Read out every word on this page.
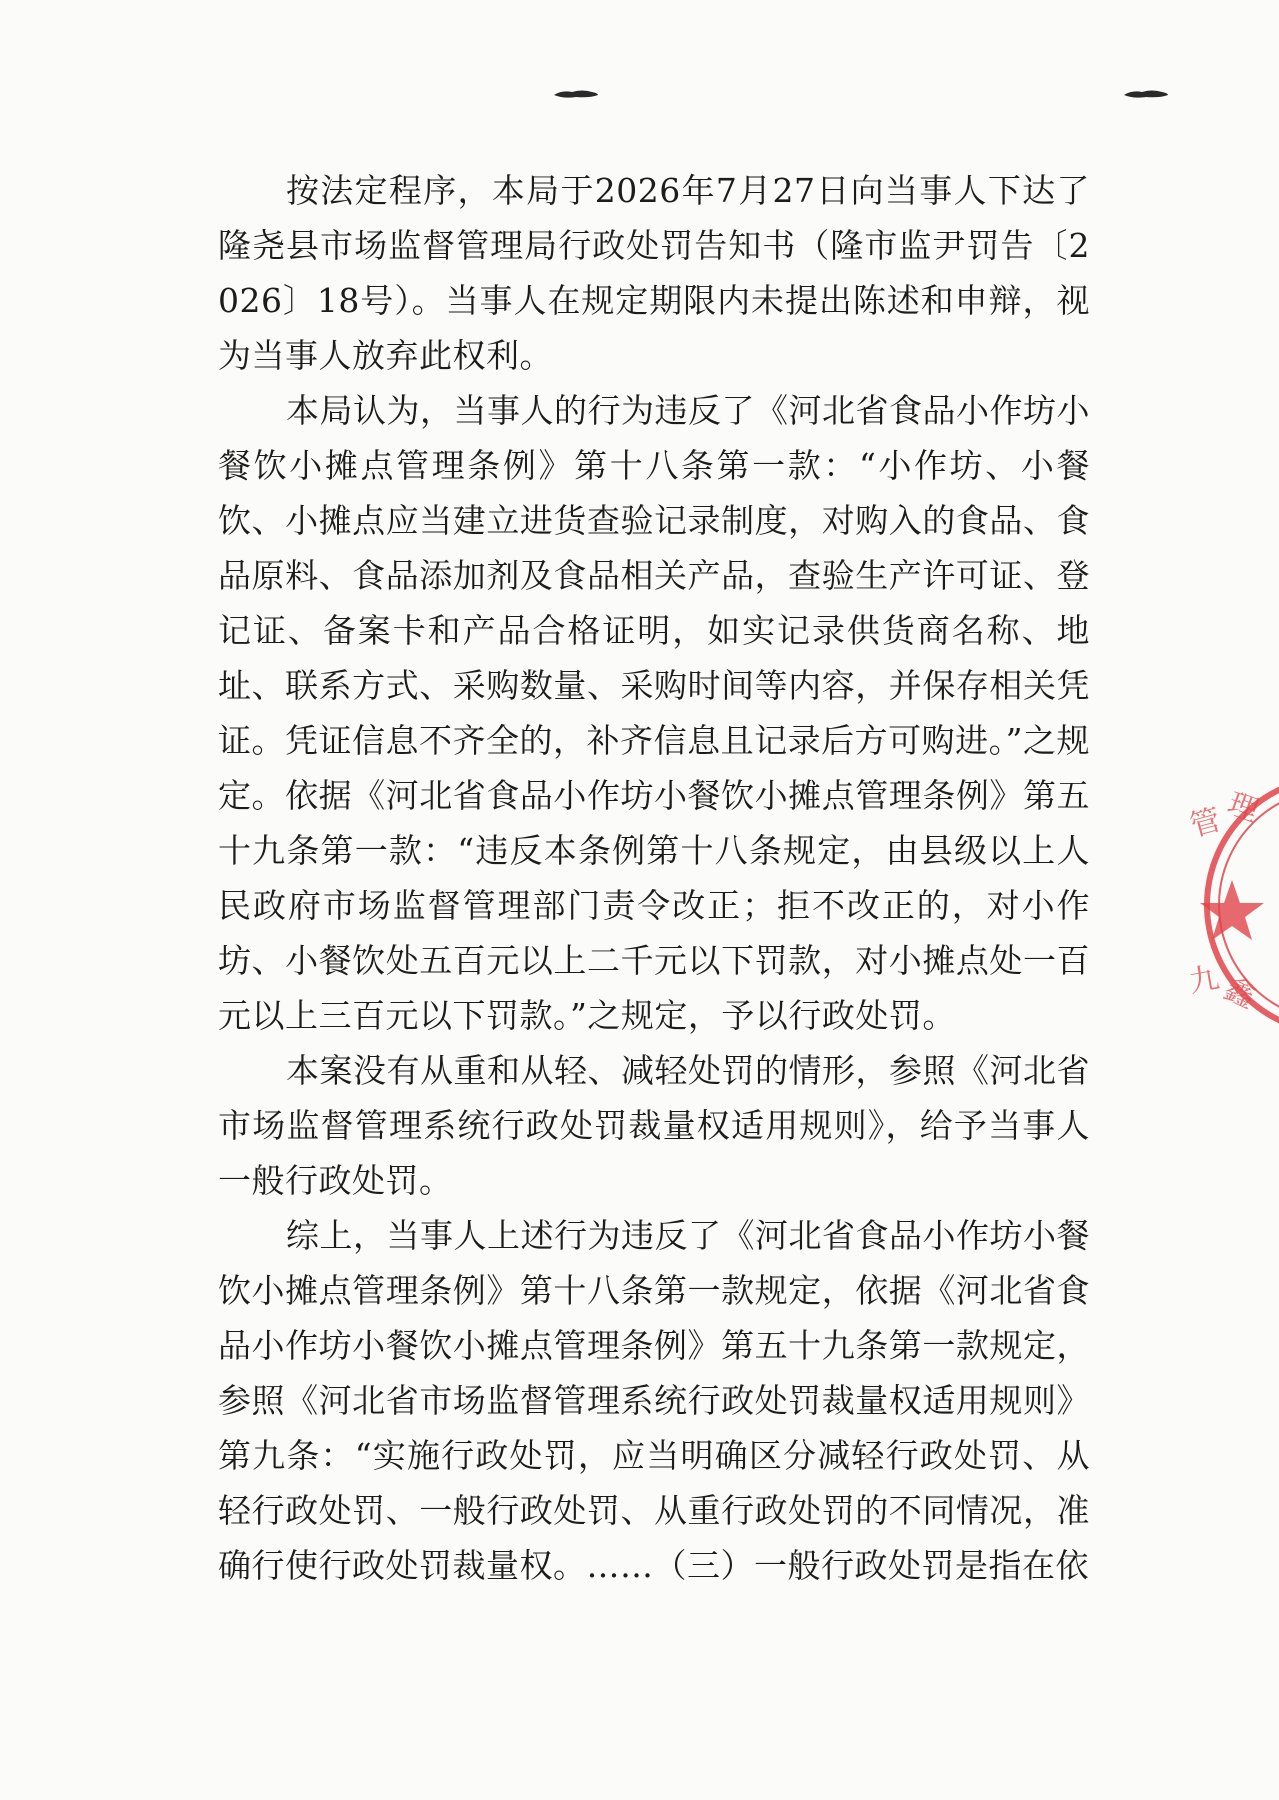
按法定程序，本局于2026年7月27日向当事人下达了隆尧县市场监督管理局行政处罚告知书（隆市监尹罚告〔2026〕18号）。当事人在规定期限内未提出陈述和申辩，视为当事人放弃此权利。

本局认为，当事人的行为违反了《河北省食品小作坊小餐饮小摊点管理条例》第十八条第一款：“小作坊、小餐饮、小摊点应当建立进货查验记录制度，对购入的食品、食品原料、食品添加剂及食品相关产品，查验生产许可证、登记证、备案卡和产品合格证明，如实记录供货商名称、地址、联系方式、采购数量、采购时间等内容，并保存相关凭证。凭证信息不齐全的，补齐信息且记录后方可购进。”之规定。依据《河北省食品小作坊小餐饮小摊点管理条例》第五十九条第一款：“违反本条例第十八条规定，由县级以上人民政府市场监督管理部门责令改正；拒不改正的，对小作坊、小餐饮处五百元以上二千元以下罚款，对小摊点处一百元以上三百元以下罚款。”之规定，予以行政处罚。

本案没有从重和从轻、减轻处罚的情形，参照《河北省市场监督管理系统行政处罚裁量权适用规则》，给予当事人一般行政处罚。

综上，当事人上述行为违反了《河北省食品小作坊小餐饮小摊点管理条例》第十八条第一款规定，依据《河北省食品小作坊小餐饮小摊点管理条例》第五十九条第一款规定，参照《河北省市场监督管理系统行政处罚裁量权适用规则》第九条：“实施行政处罚，应当明确区分减轻行政处罚、从轻行政处罚、一般行政处罚、从重行政处罚的不同情况，准确行使行政处罚裁量权。……（三）一般行政处罚是指在依

管
理
九
鑫
